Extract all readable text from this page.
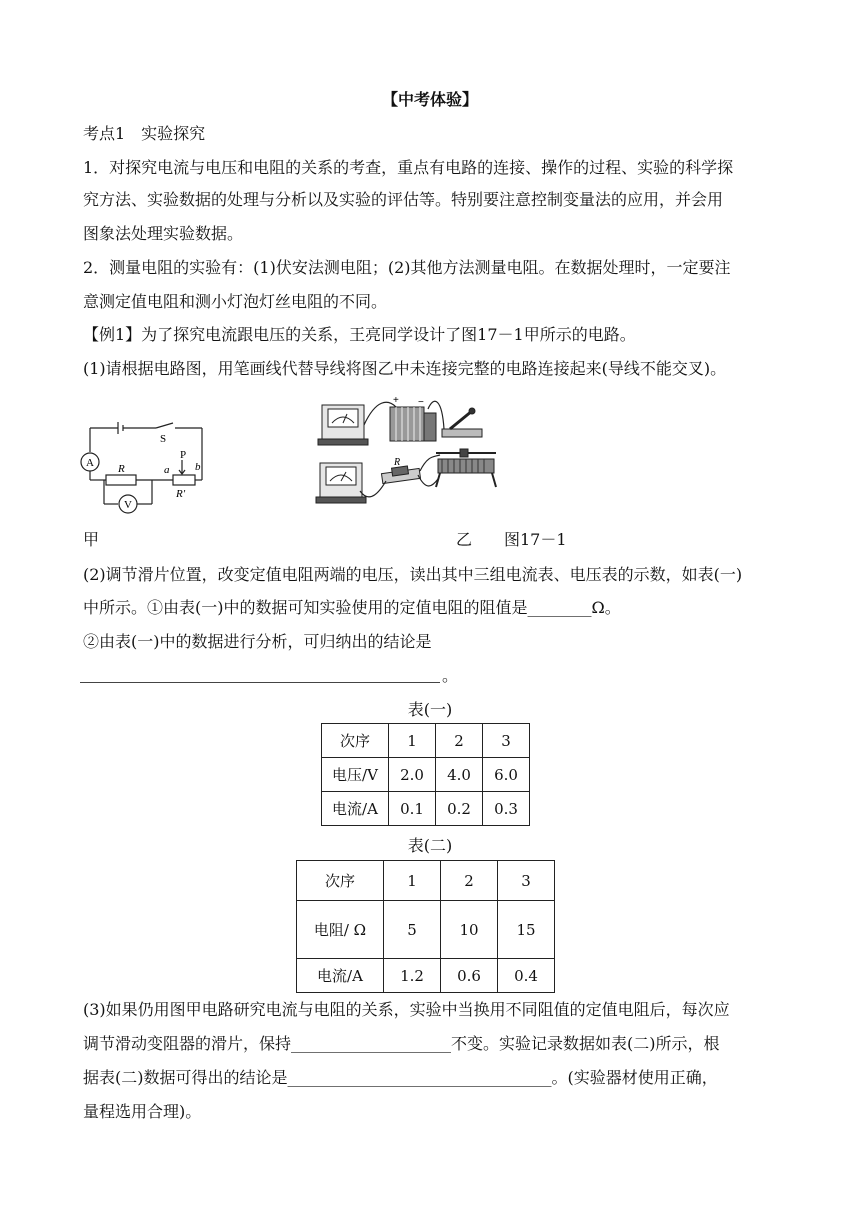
【中考体验】
考点1　实验探究
1．对探究电流与电压和电阻的关系的考查，重点有电路的连接、操作的过程、实验的科学探
究方法、实验数据的处理与分析以及实验的评估等。特别要注意控制变量法的应用，并会用
图象法处理实验数据。
2．测量电阻的实验有：(1)伏安法测电阻；(2)其他方法测量电阻。在数据处理时，一定要注
意测定值电阻和测小灯泡灯丝电阻的不同。
【例1】为了探究电流跟电压的关系，王亮同学设计了图17－1甲所示的电路。
(1)请根据电路图，用笔画线代替导线将图乙中未连接完整的电路连接起来(导线不能交叉)。
A
V
S
R
P
a b
R′
+ −
R
甲	乙　　图17－1
(2)调节滑片位置，改变定值电阻两端的电压，读出其中三组电流表、电压表的示数，如表(一)
中所示。①由表(一)中的数据可知实验使用的定值电阻的阻值是________Ω。
②由表(一)中的数据进行分析，可归纳出的结论是
。
表(一)
次序	1	2	3
电压/V	2.0	4.0	6.0
电流/A	0.1	0.2	0.3
表(二)
次序	1	2	3
电阻/ Ω	5	10	15
电流/A	1.2	0.6	0.4
(3)如果仍用图甲电路研究电流与电阻的关系，实验中当换用不同阻值的定值电阻后，每次应
调节滑动变阻器的滑片，保持____________________不变。实验记录数据如表(二)所示，根
据表(二)数据可得出的结论是_________________________________。(实验器材使用正确，
量程选用合理)。
